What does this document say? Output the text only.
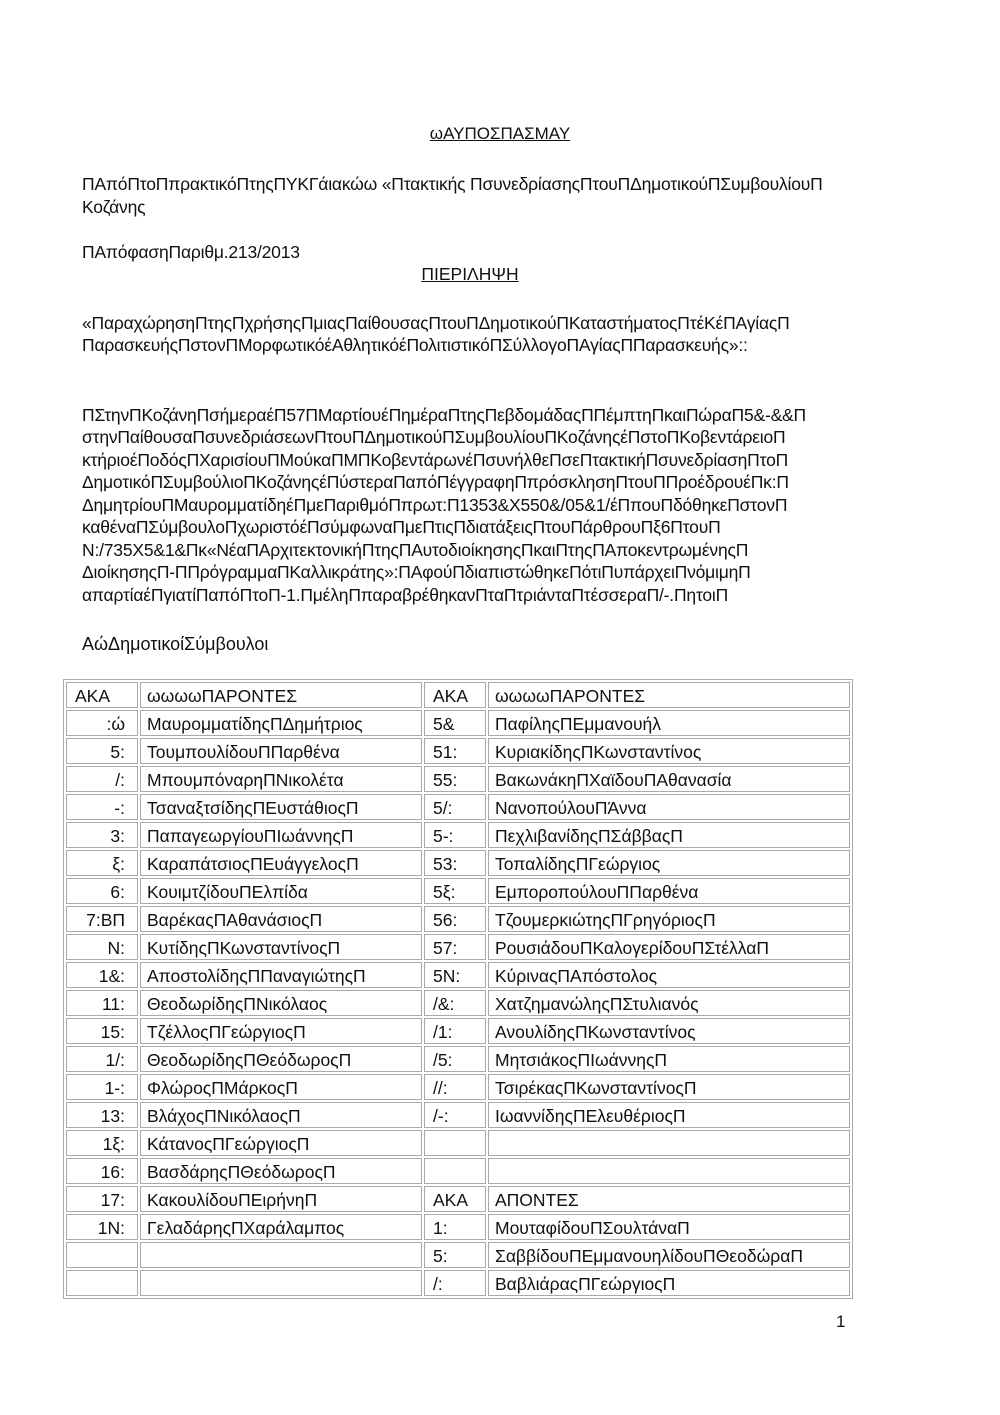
ωΑΥΠΟΣΠΑΣΜΑΥ
ΠΑπόΠτοΠπρακτικόΠτηςΠΥΚΓάιακώω «Πτακτικής ΠσυνεδρίασηςΠτουΠΔημοτικούΠΣυμβουλίουΠ
Κοζάνης
ΠΑπόφασηΠαριθμ.213/2013
ΠΙΕΡΙΛΗΨΗ
«ΠαραχώρησηΠτηςΠχρήσηςΠμιαςΠαίθουσαςΠτουΠΔημοτικούΠΚαταστήματοςΠτέΚέΠΑγίαςΠ
ΠαρασκευήςΠστονΠΜορφωτικόέΑθλητικόέΠολιτιστικόΠΣύλλογοΠΑγίαςΠΠαρασκευής»::
ΠΣτηνΠΚοζάνηΠσήμεραέΠ57ΠΜαρτίουέΠημέραΠτηςΠεβδομάδαςΠΠέμπτηΠκαιΠώραΠ5&-&&Π
στηνΠαίθουσαΠσυνεδριάσεωνΠτουΠΔημοτικούΠΣυμβουλίουΠΚοζάνηςέΠστοΠΚοβεντάρειοΠ
κτήριοέΠοδόςΠΧαρισίουΠΜούκαΠΜΠΚοβεντάρωνέΠσυνήλθεΠσεΠτακτικήΠσυνεδρίασηΠτοΠ
ΔημοτικόΠΣυμβούλιοΠΚοζάνηςέΠύστεραΠαπόΠέγγραφηΠπρόσκλησηΠτουΠΠροέδρουέΠκ:Π
ΔημητρίουΠΜαυρομματίδηέΠμεΠαριθμόΠπρωτ:Π1353&Χ550&/05&1/έΠπουΠδόθηκεΠστονΠ
καθέναΠΣύμβουλοΠχωριστόέΠσύμφωναΠμεΠτιςΠδιατάξειςΠτουΠάρθρουΠξ6ΠτουΠ
Ν:/735Χ5&1&Πκ«ΝέαΠΑρχιτεκτονικήΠτηςΠΑυτοδιοίκησηςΠκαιΠτηςΠΑποκεντρωμένηςΠ
ΔιοίκησηςΠ-ΠΠρόγραμμαΠΚαλλικράτης»:ΠΑφούΠδιαπιστώθηκεΠότιΠυπάρχειΠνόμιμηΠ
απαρτίαέΠγιατίΠαπόΠτοΠ-1.ΠμέληΠπαραβρέθηκανΠταΠτριάνταΠτέσσεραΠ/-.ΠητοιΠ
ΑώΔημοτικοίΣύμβουλοι
ΑΚΑ	ωωωωΠΑΡΟΝΤΕΣ	ΑΚΑ	ωωωωΠΑΡΟΝΤΕΣ
:ώ	ΜαυρομματίδηςΠΔημήτριος	5&	ΠαφίληςΠΕμμανουήλ
5:	ΤουμπουλίδουΠΠαρθένα	51:	ΚυριακίδηςΠΚωνσταντίνος
/:	ΜπουμπόναρηΠΝικολέτα	55:	ΒακωνάκηΠΧαϊδουΠΑθανασία
-:	ΤσαναξτσίδηςΠΕυστάθιοςΠ	5/:	ΝανοπούλουΠΆννα
3:	ΠαπαγεωργίουΠΙωάννηςΠ	5-:	ΠεχλιβανίδηςΠΣάββαςΠ
ξ:	ΚαραπάτσιοςΠΕυάγγελοςΠ	53:	ΤοπαλίδηςΠΓεώργιος
6:	ΚουιμτζίδουΠΕλπίδα	5ξ:	ΕμποροπούλουΠΠαρθένα
7:ΒΠ	ΒαρέκαςΠΑθανάσιοςΠ	56:	ΤζουμερκιώτηςΠΓρηγόριοςΠ
Ν:	ΚυτίδηςΠΚωνσταντίνοςΠ	57:	ΡουσιάδουΠΚαλογερίδουΠΣτέλλαΠ
1&:	ΑποστολίδηςΠΠαναγιώτηςΠ	5Ν:	ΚύριναςΠΑπόστολος
11:	ΘεοδωρίδηςΠΝικόλαος	/&:	ΧατζημανώληςΠΣτυλιανός
15:	ΤζέλλοςΠΓεώργιοςΠ	/1:	ΑνουλίδηςΠΚωνσταντίνος
1/:	ΘεοδωρίδηςΠΘεόδωροςΠ	/5:	ΜητσιάκοςΠΙωάννηςΠ
1-:	ΦλώροςΠΜάρκοςΠ	//:	ΤσιρέκαςΠΚωνσταντίνοςΠ
13:	ΒλάχοςΠΝικόλαοςΠ	/-:	ΙωαννίδηςΠΕλευθέριοςΠ
1ξ:	ΚάτανοςΠΓεώργιοςΠ		
16:	ΒασδάρηςΠΘεόδωροςΠ		
17:	ΚακουλίδουΠΕιρήνηΠ	ΑΚΑ	ΑΠΟΝΤΕΣ
1Ν:	ΓελαδάρηςΠΧαράλαμπος	1:	ΜουταφίδουΠΣουλτάναΠ
		5:	ΣαββίδουΠΕμμανουηλίδουΠΘεοδώραΠ
		/:	ΒαβλιάραςΠΓεώργιοςΠ
1
